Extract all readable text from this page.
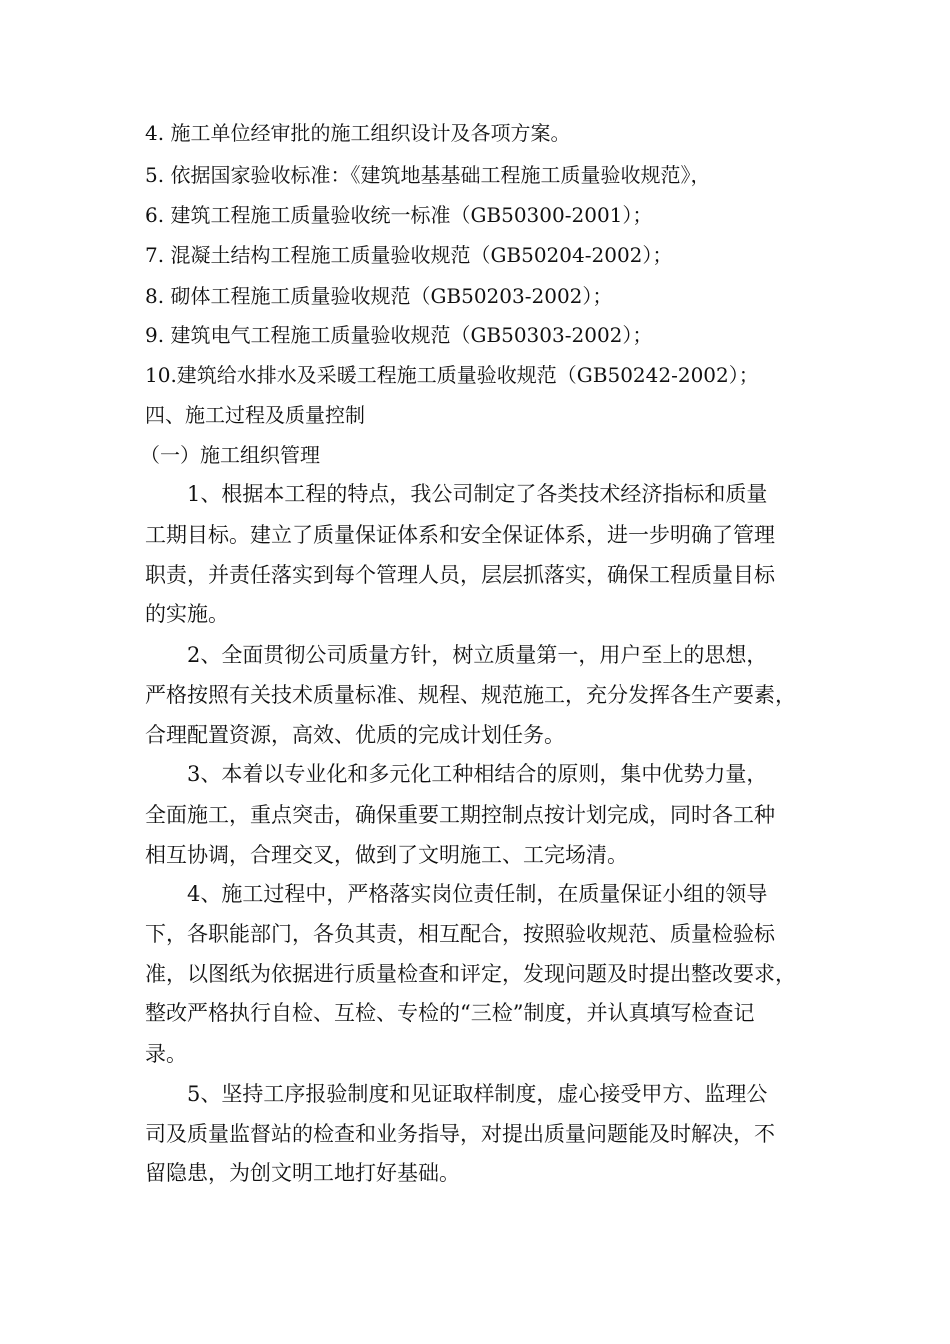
4. 施工单位经审批的施工组织设计及各项方案。
5. 依据国家验收标准：《建筑地基基础工程施工质量验收规范》，
6. 建筑工程施工质量验收统一标准（GB50300-2001）；
7. 混凝土结构工程施工质量验收规范（GB50204-2002）；
8. 砌体工程施工质量验收规范（GB50203-2002）；
9. 建筑电气工程施工质量验收规范（GB50303-2002）；
10.建筑给水排水及采暖工程施工质量验收规范（GB50242-2002）；
四、施工过程及质量控制
（一）施工组织管理
1、根据本工程的特点，我公司制定了各类技术经济指标和质量
工期目标。建立了质量保证体系和安全保证体系，进一步明确了管理
职责，并责任落实到每个管理人员，层层抓落实，确保工程质量目标
的实施。
2、全面贯彻公司质量方针，树立质量第一，用户至上的思想，
严格按照有关技术质量标准、规程、规范施工，充分发挥各生产要素，
合理配置资源，高效、优质的完成计划任务。
3、本着以专业化和多元化工种相结合的原则，集中优势力量，
全面施工，重点突击，确保重要工期控制点按计划完成，同时各工种
相互协调，合理交叉，做到了文明施工、工完场清。
4、施工过程中，严格落实岗位责任制，在质量保证小组的领导
下，各职能部门，各负其责，相互配合，按照验收规范、质量检验标
准，以图纸为依据进行质量检查和评定，发现问题及时提出整改要求，
整改严格执行自检、互检、专检的“三检”制度，并认真填写检查记
录。
5、坚持工序报验制度和见证取样制度，虚心接受甲方、监理公
司及质量监督站的检查和业务指导，对提出质量问题能及时解决，不
留隐患，为创文明工地打好基础。
